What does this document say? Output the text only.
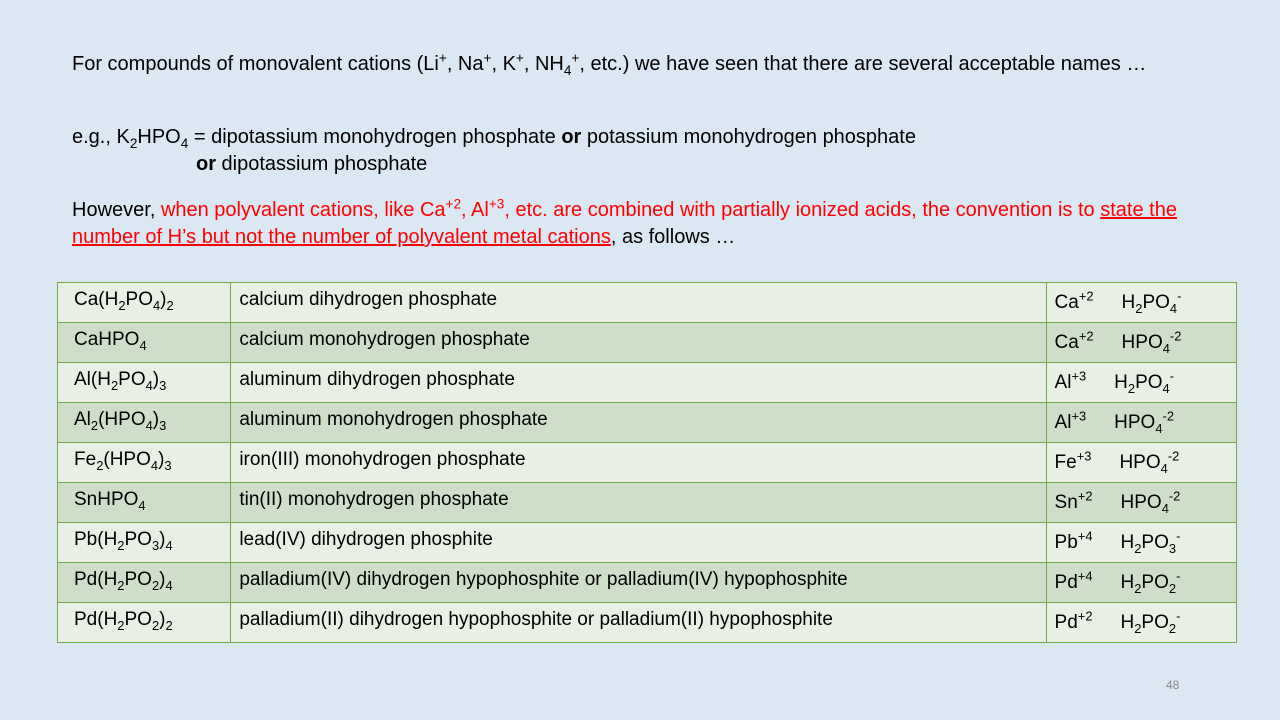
For compounds of monovalent cations (Li+, Na+, K+, $NH_4^+$, etc.) we have seen that there are several acceptable names …

e.g., $K_2HPO_4$ = dipotassium monohydrogen phosphate or potassium monohydrogen phosphate
or dipotassium phosphate

However, when polyvalent cations, like $Ca^{+2}$, $Al^{+3}$, etc. are combined with partially ionized acids, the convention is to state the number of H’s but not the number of polyvalent metal cations, as follows …

$Ca(H_2PO_4)_2$	calcium dihydrogen phosphate	$Ca^{+2}$ $H_2PO_4^-$
CaHPO$_4$	calcium monohydrogen phosphate	$Ca^{+2}$ $HPO_4^{-2}$
$Al(H_2PO_4)_3$	aluminum dihydrogen phosphate	$Al^{+3}$ $H_2PO_4^-$
$Al_2(HPO_4)_3$	aluminum monohydrogen phosphate	$Al^{+3}$ $HPO_4^{-2}$
$Fe_2(HPO_4)_3$	iron(III) monohydrogen phosphate	$Fe^{+3}$ $HPO_4^{-2}$
SnHPO$_4$	tin(II) monohydrogen phosphate	$Sn^{+2}$ $HPO_4^{-2}$
$Pb(H_2PO_3)_4$	lead(IV) dihydrogen phosphite	$Pb^{+4}$ $H_2PO_3^-$
$Pd(H_2PO_2)_4$	palladium(IV) dihydrogen hypophosphite or palladium(IV) hypophosphite	$Pd^{+4}$ $H_2PO_2^-$
$Pd(H_2PO_2)_2$	palladium(II) dihydrogen hypophosphite or palladium(II) hypophosphite	$Pd^{+2}$ $H_2PO_2^-$
48
